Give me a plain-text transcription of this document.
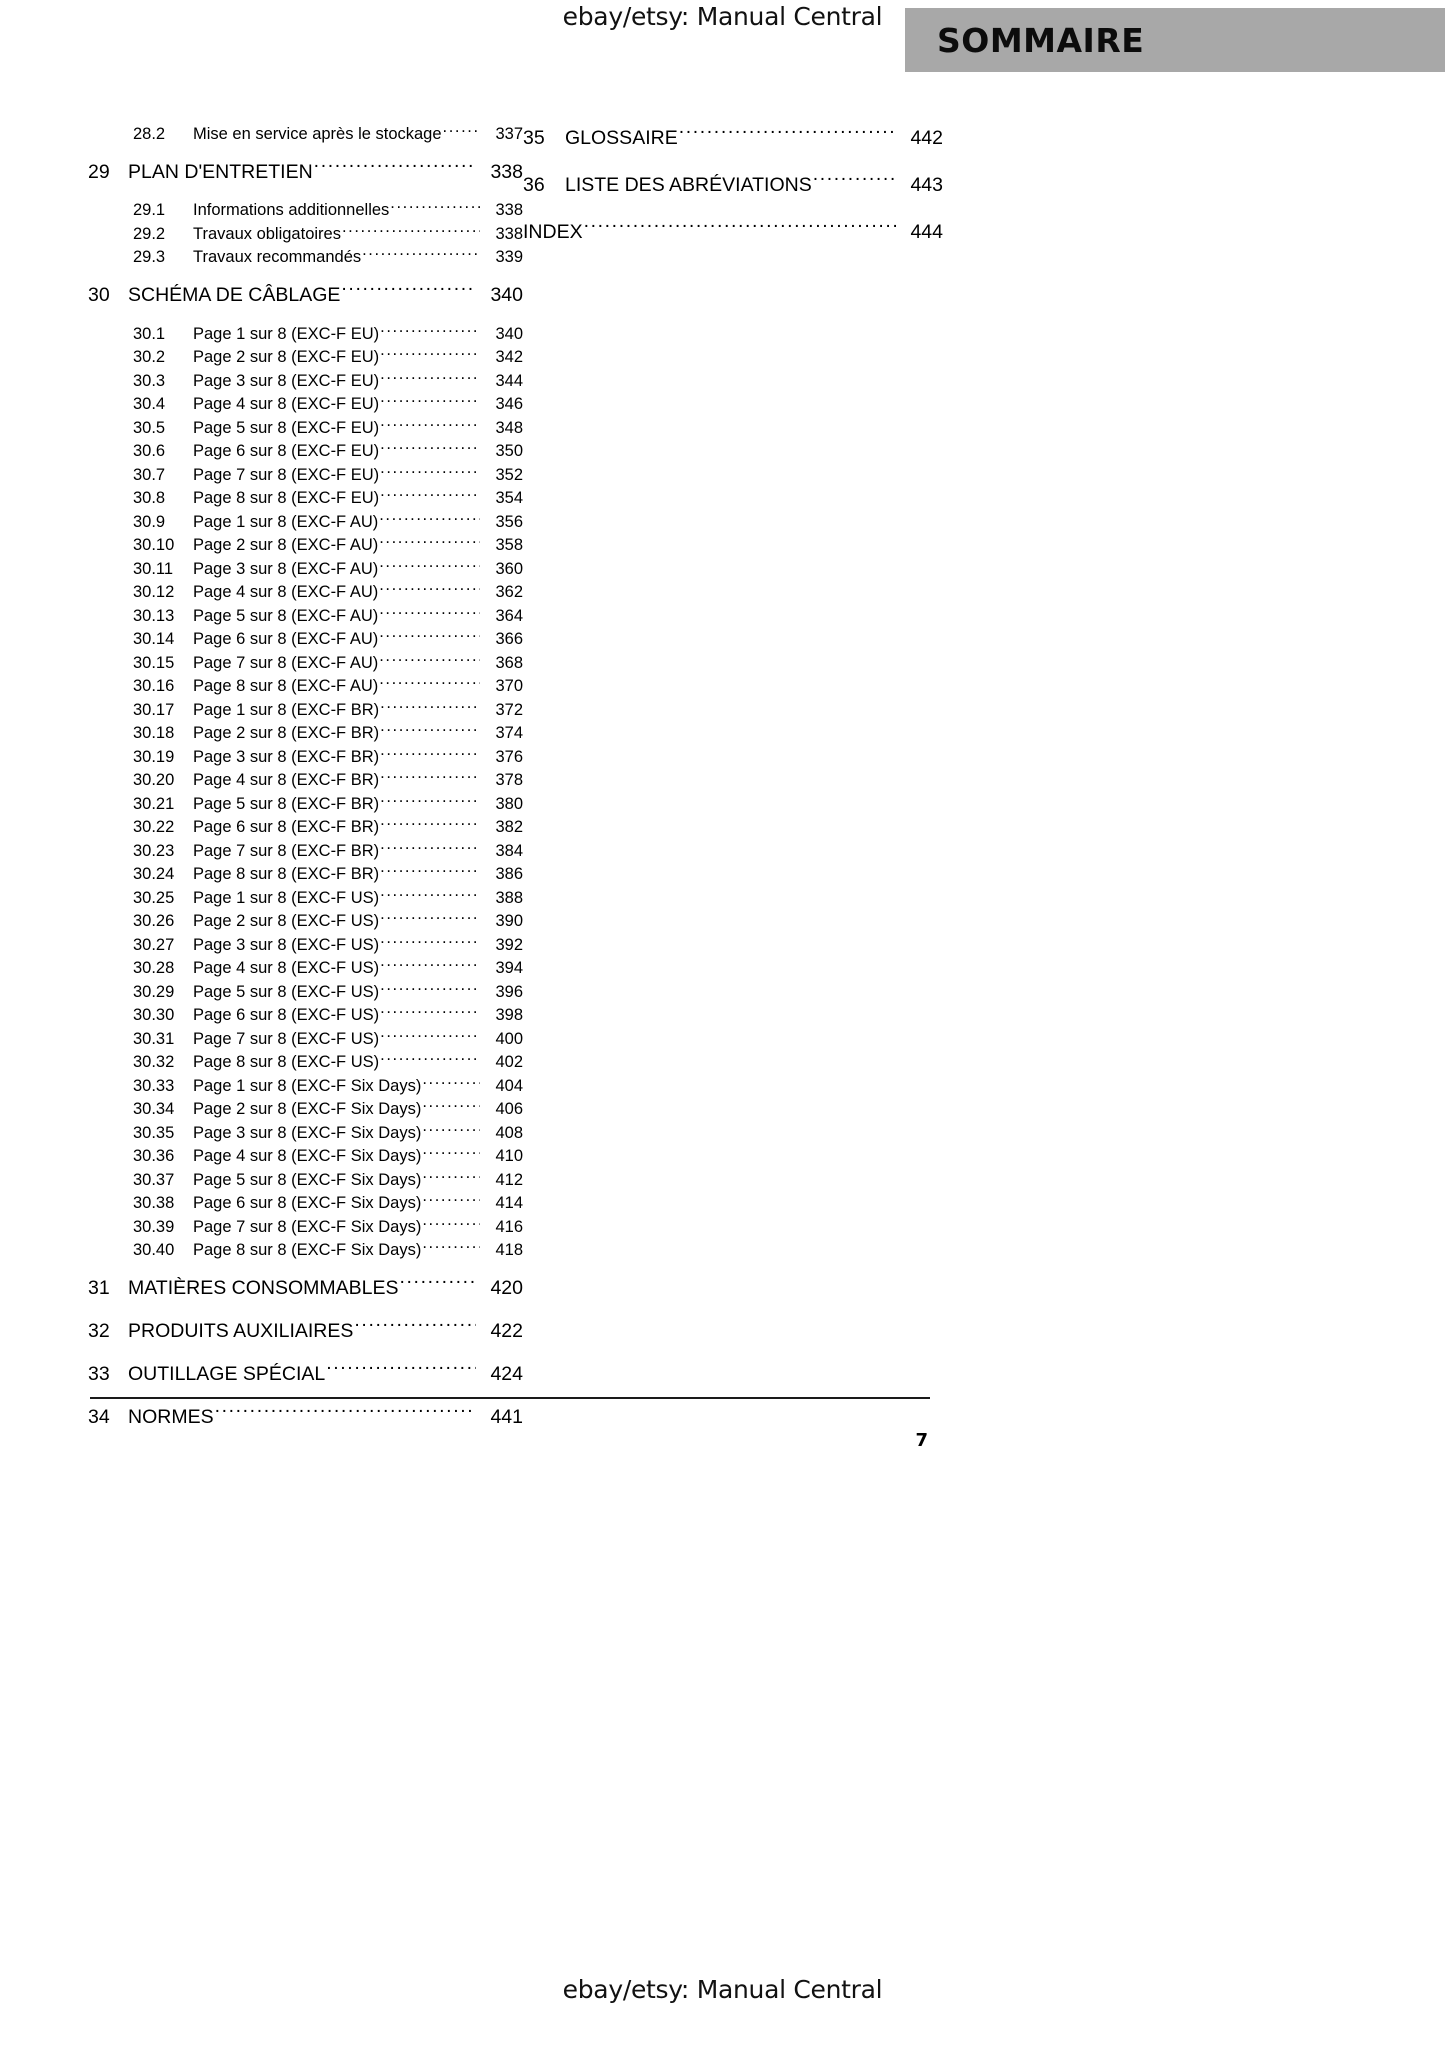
ebay/etsy: Manual Central
SOMMAIRE
28.2	Mise en service après le stockage .....	337
29 PLAN D'ENTRETIEN .....	338
29.1	Informations additionnelles .....	338
29.2	Travaux obligatoires .....	338
29.3	Travaux recommandés .....	339
30 SCHÉMA DE CÂBLAGE .....	340
30.1	Page 1 sur 8 (EXC-F EU) .....	340
30.2	Page 2 sur 8 (EXC-F EU) .....	342
30.3	Page 3 sur 8 (EXC-F EU) .....	344
30.4	Page 4 sur 8 (EXC-F EU) .....	346
30.5	Page 5 sur 8 (EXC-F EU) .....	348
30.6	Page 6 sur 8 (EXC-F EU) .....	350
30.7	Page 7 sur 8 (EXC-F EU) .....	352
30.8	Page 8 sur 8 (EXC-F EU) .....	354
30.9	Page 1 sur 8 (EXC-F AU) .....	356
30.10	Page 2 sur 8 (EXC-F AU) .....	358
30.11	Page 3 sur 8 (EXC-F AU) .....	360
30.12	Page 4 sur 8 (EXC-F AU) .....	362
30.13	Page 5 sur 8 (EXC-F AU) .....	364
30.14	Page 6 sur 8 (EXC-F AU) .....	366
30.15	Page 7 sur 8 (EXC-F AU) .....	368
30.16	Page 8 sur 8 (EXC-F AU) .....	370
30.17	Page 1 sur 8 (EXC-F BR) .....	372
30.18	Page 2 sur 8 (EXC-F BR) .....	374
30.19	Page 3 sur 8 (EXC-F BR) .....	376
30.20	Page 4 sur 8 (EXC-F BR) .....	378
30.21	Page 5 sur 8 (EXC-F BR) .....	380
30.22	Page 6 sur 8 (EXC-F BR) .....	382
30.23	Page 7 sur 8 (EXC-F BR) .....	384
30.24	Page 8 sur 8 (EXC-F BR) .....	386
30.25	Page 1 sur 8 (EXC-F US) .....	388
30.26	Page 2 sur 8 (EXC-F US) .....	390
30.27	Page 3 sur 8 (EXC-F US) .....	392
30.28	Page 4 sur 8 (EXC-F US) .....	394
30.29	Page 5 sur 8 (EXC-F US) .....	396
30.30	Page 6 sur 8 (EXC-F US) .....	398
30.31	Page 7 sur 8 (EXC-F US) .....	400
30.32	Page 8 sur 8 (EXC-F US) .....	402
30.33	Page 1 sur 8 (EXC-F Six Days) .....	404
30.34	Page 2 sur 8 (EXC-F Six Days) .....	406
30.35	Page 3 sur 8 (EXC-F Six Days) .....	408
30.36	Page 4 sur 8 (EXC-F Six Days) .....	410
30.37	Page 5 sur 8 (EXC-F Six Days) .....	412
30.38	Page 6 sur 8 (EXC-F Six Days) .....	414
30.39	Page 7 sur 8 (EXC-F Six Days) .....	416
30.40	Page 8 sur 8 (EXC-F Six Days) .....	418
31 MATIÈRES CONSOMMABLES .....	420
32 PRODUITS AUXILIAIRES .....	422
33 OUTILLAGE SPÉCIAL .....	424
34 NORMES .....	441
35	GLOSSAIRE .....	442
36	LISTE DES ABRÉVIATIONS .....	443
INDEX .....	444
7
ebay/etsy: Manual Central
